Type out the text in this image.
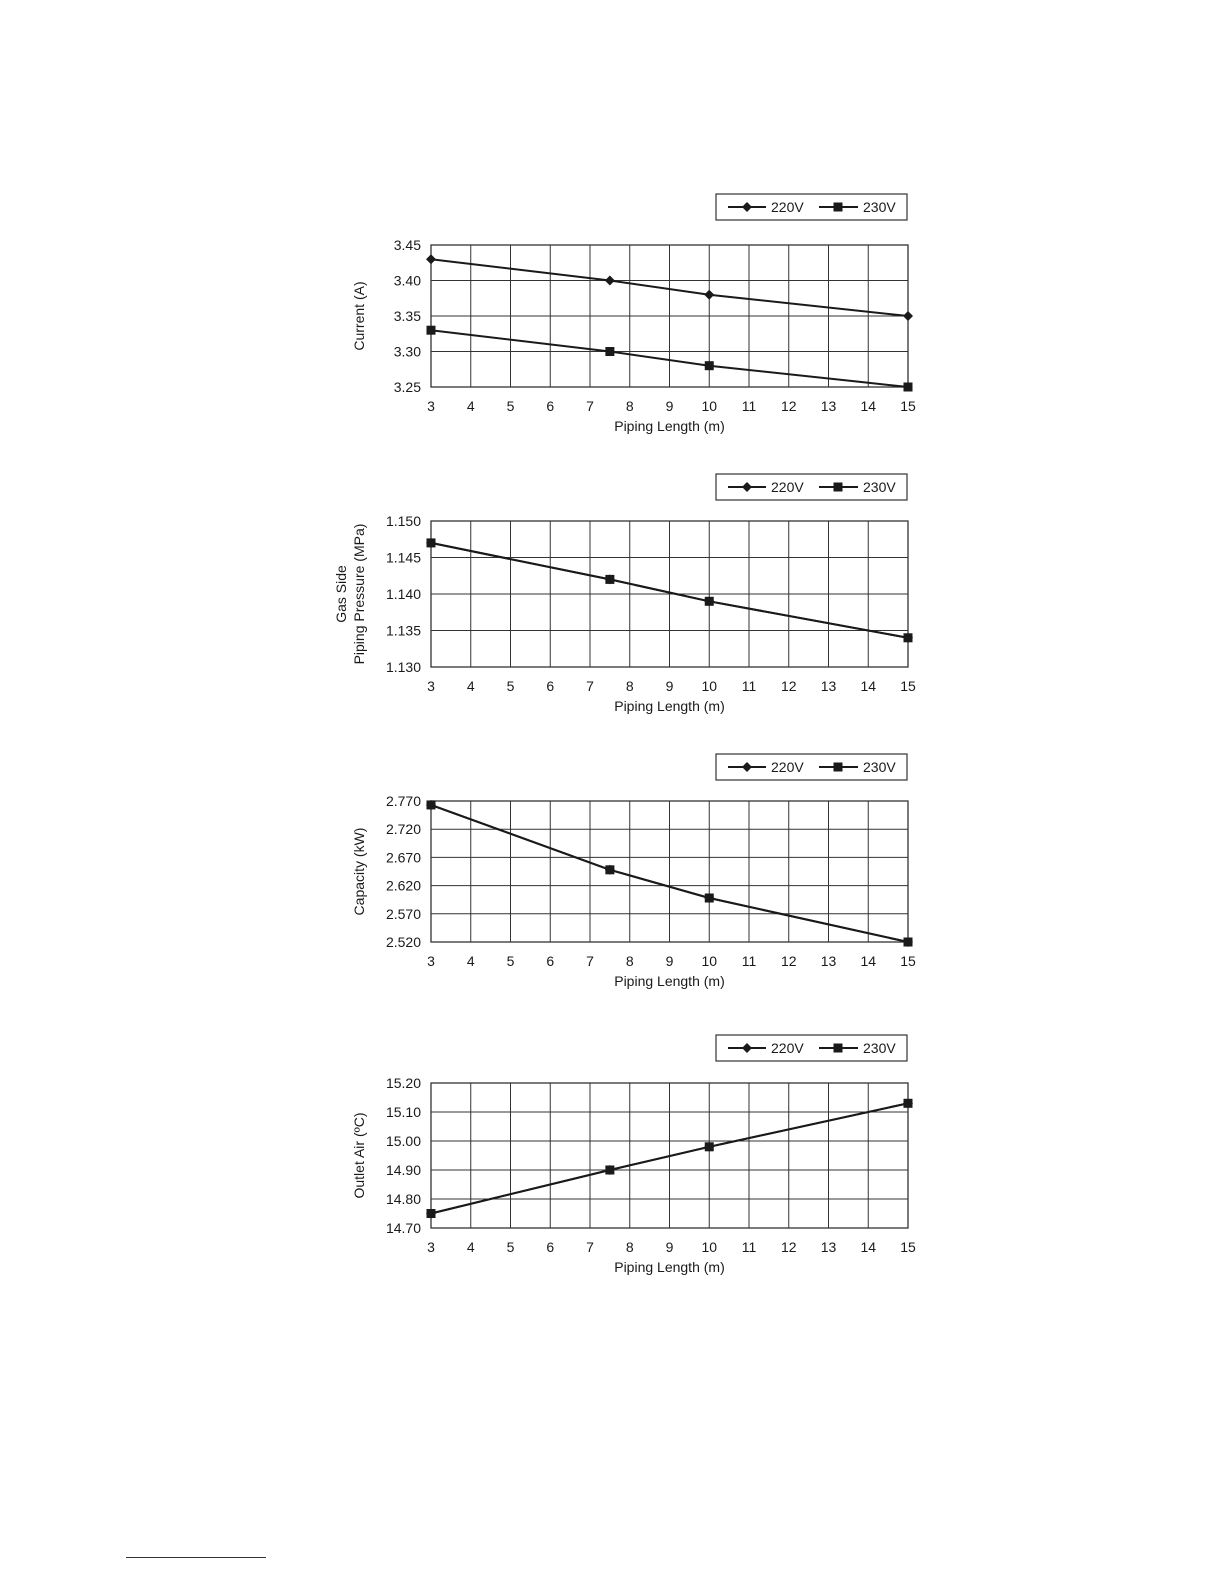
3 4 5 6 7 8 9 10 11 12 13 14 15
3.45
3.40
3.35
3.30
3.25
Piping Length (m)
Current (A)
220V	230V
3 4 5 6 7 8 9 10 11 12 13 14 15
1.150
1.145
1.140
1.135
1.130
Piping Length (m)
Gas Side Piping Pressure (MPa)
220V	230V
3 4 5 6 7 8 9 10 11 12 13 14 15
2.770
2.720
2.670
2.620
2.570
2.520
Piping Length (m)
Capacity (kW)
220V	230V
3 4 5 6 7 8 9 10 11 12 13 14 15
15.20
15.10
15.00
14.90
14.80
14.70
Piping Length (m)
Outlet Air (ºC)
220V	230V
